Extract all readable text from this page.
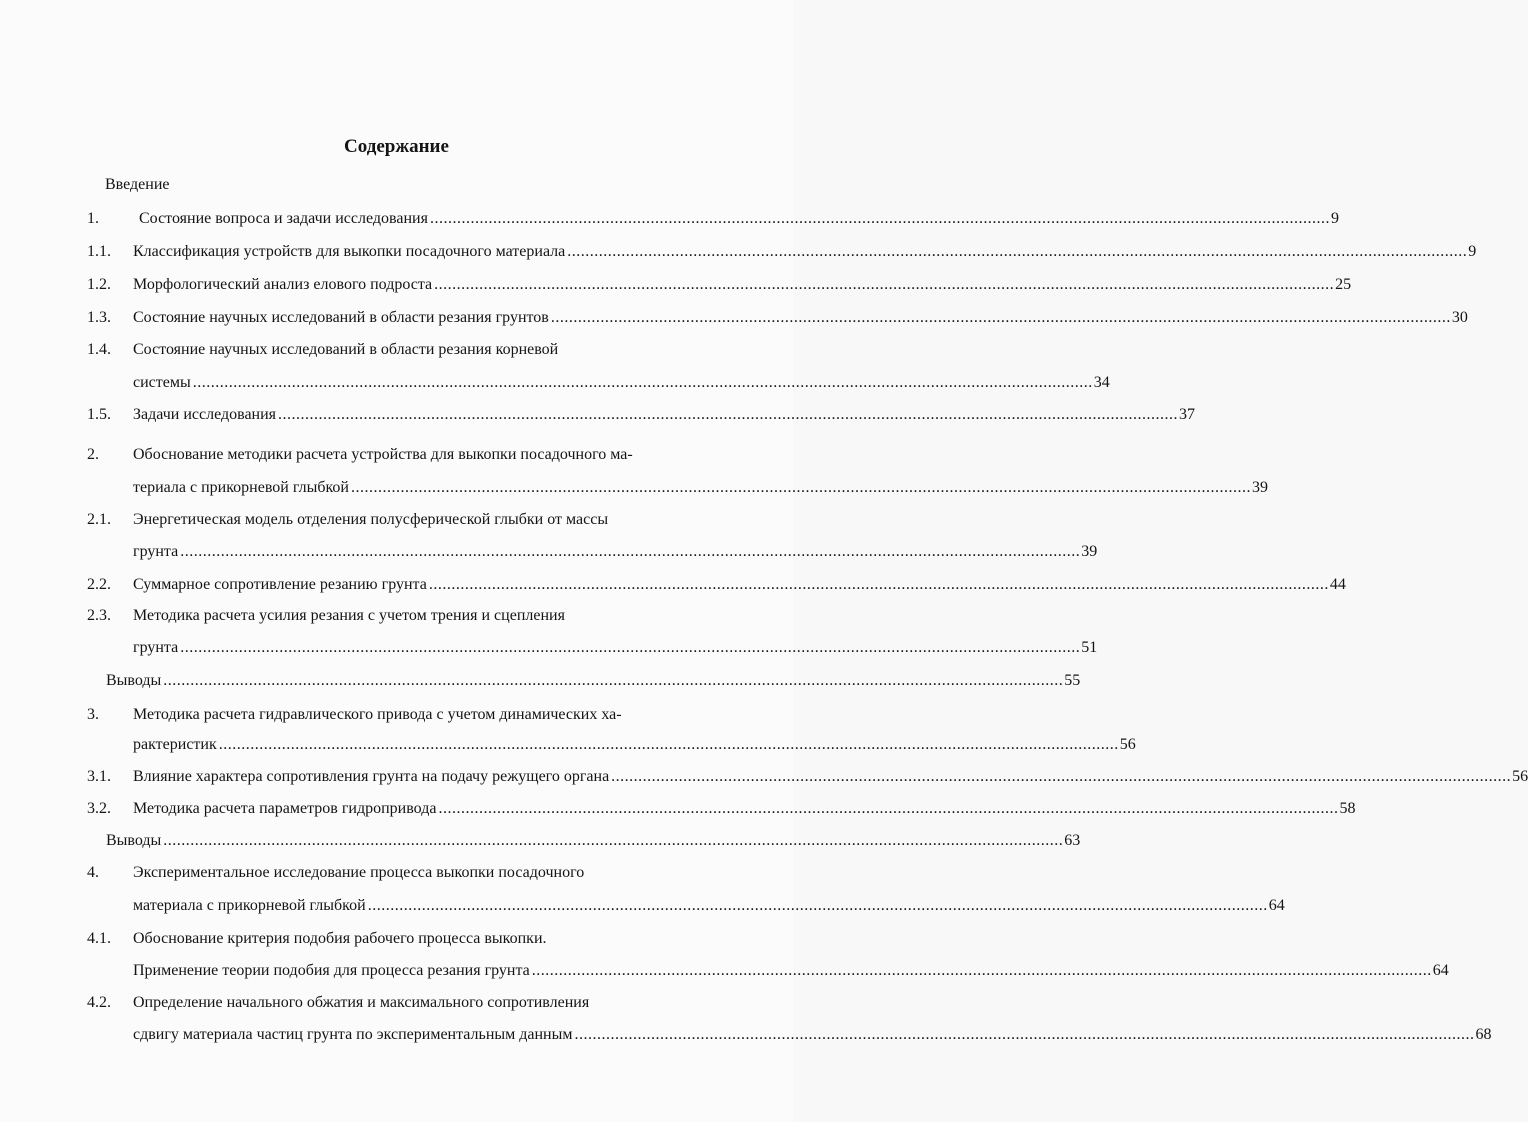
Содержание
Введение
1.	Состояние вопроса и задачи исследования ........................................................................................................................................................................................................ 9
1.1. Классификация устройств для выкопки посадочного материала ........................................................................................................................................................................................................ 9
1.2. Морфологический анализ елового подроста ........................................................................................................................................................................................................ 25
1.3. Состояние научных исследований в области резания грунтов ........................................................................................................................................................................................................ 30
1.4. Состояние научных исследований в области резания корневой
системы ........................................................................................................................................................................................................ 34
1.5. Задачи исследования ........................................................................................................................................................................................................ 37
2. Обоснование методики расчета устройства для выкопки посадочного ма-
териала с прикорневой глыбкой ........................................................................................................................................................................................................ 39
2.1. Энергетическая модель отделения полусферической глыбки от массы
грунта ........................................................................................................................................................................................................ 39
2.2. Суммарное сопротивление резанию грунта ........................................................................................................................................................................................................ 44
2.3. Методика расчета усилия резания с учетом трения и сцепления
грунта ........................................................................................................................................................................................................ 51
Выводы ........................................................................................................................................................................................................ 55
3. Методика расчета гидравлического привода с учетом динамических ха-
рактеристик ........................................................................................................................................................................................................ 56
3.1. Влияние характера сопротивления грунта на подачу режущего органа ........................................................................................................................................................................................................ 56
3.2. Методика расчета параметров гидропривода ........................................................................................................................................................................................................ 58
Выводы ........................................................................................................................................................................................................ 63
4. Экспериментальное исследование процесса выкопки посадочного
материала с прикорневой глыбкой ........................................................................................................................................................................................................ 64
4.1. Обоснование критерия подобия рабочего процесса выкопки.
Применение теории подобия для процесса резания грунта ........................................................................................................................................................................................................ 64
4.2. Определение начального обжатия и максимального сопротивления
сдвигу материала частиц грунта по экспериментальным данным ........................................................................................................................................................................................................ 68
